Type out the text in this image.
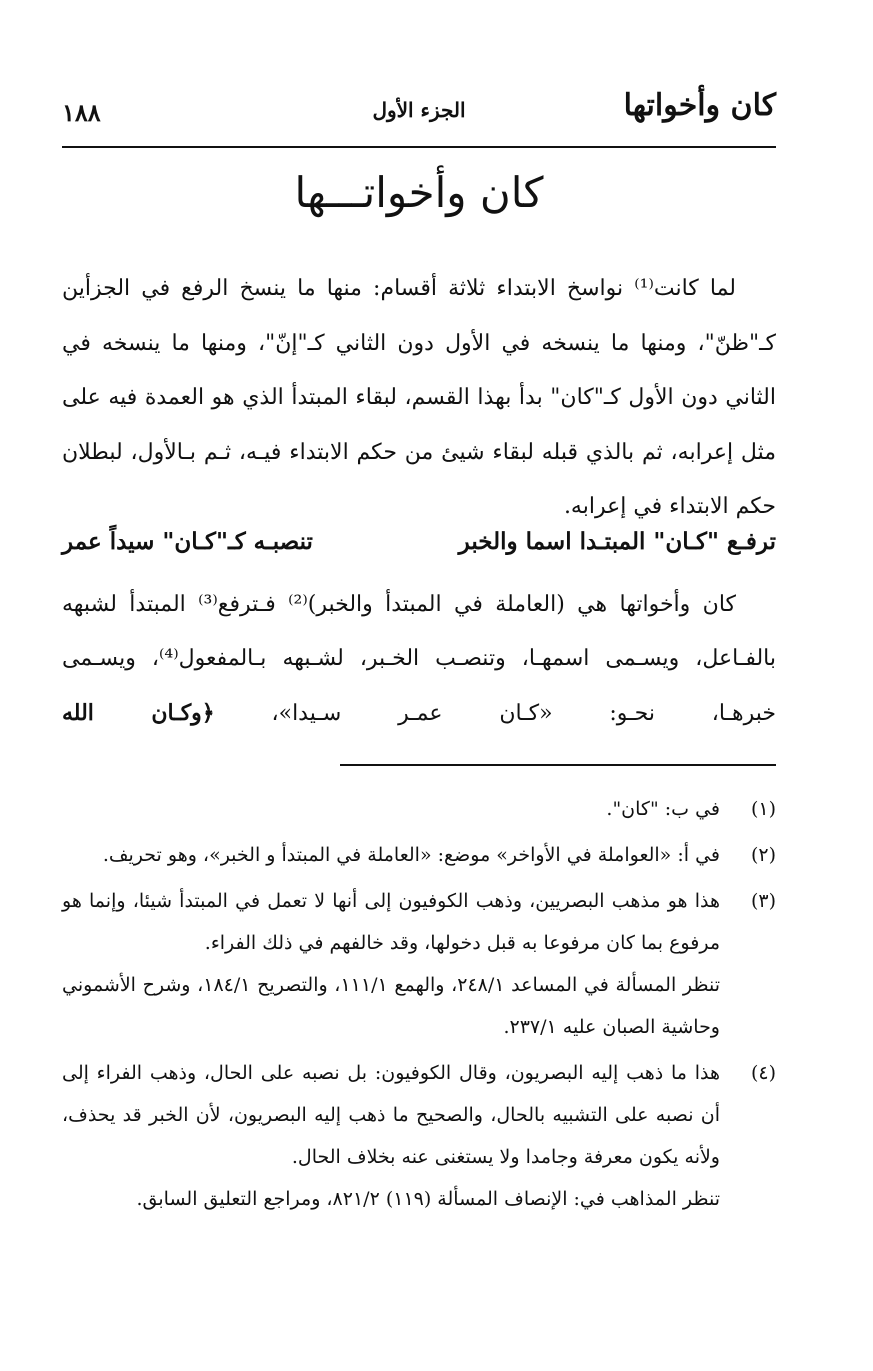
كان وأخواتها
الجزء الأول
١٨٨
كان وأخواتـــها

لما كانت⁽¹⁾ نواسخ الابتداء ثلاثة أقسام: منها ما ينسخ الرفع في الجزأين كـ"ظنّ"، ومنها ما ينسخه في الأول دون الثاني كـ"إنّ"، ومنها ما ينسخه في الثاني دون الأول كـ"كان" بدأ بهذا القسم، لبقاء المبتدأ الذي هو العمدة فيه على مثل إعرابه، ثم بالذي قبله لبقاء شيئ من حكم الابتداء فيـه، ثـم بـالأول، لبطلان حكم الابتداء في إعرابه.

ترفـع "كـان" المبتـدا اسما والخبر
تنصبـه كـ"كـان" سيداً عمر

كان وأخواتها هي (العاملة في المبتدأ والخبر)⁽²⁾ فـترفع⁽³⁾ المبتدأ لشبهه بالفـاعل، ويسـمى اسمهـا، وتنصـب الخـبر، لشـبهه بـالمفعول⁽⁴⁾، ويسـمى خبرهـا، نحـو: «كـان عمـر سـيدا»، ﴿وكـان الله

(١)
في ب: "كان".
(٢)
في أ: «العواملة في الأواخر» موضع: «العاملة في المبتدأ و الخبر»، وهو تحريف.
(٣)
هذا هو مذهب البصريين، وذهب الكوفيون إلى أنها لا تعمل في المبتدأ شيئا، وإنما هو مرفوع بما كان مرفوعا به قبل دخولها، وقد خالفهم في ذلك الفراء.
تنظر المسألة في المساعد ٢٤٨/١، والهمع ١١١/١، والتصريح ١٨٤/١، وشرح الأشموني وحاشية الصبان عليه ٢٣٧/١.
(٤)
هذا ما ذهب إليه البصريون، وقال الكوفيون: بل نصبه على الحال، وذهب الفراء إلى أن نصبه على التشبيه بالحال، والصحيح ما ذهب إليه البصريون، لأن الخبر قد يحذف، ولأنه يكون معرفة وجامدا ولا يستغنى عنه بخلاف الحال.
تنظر المذاهب في: الإنصاف المسألة (١١٩) ٨٢١/٢، ومراجع التعليق السابق.
